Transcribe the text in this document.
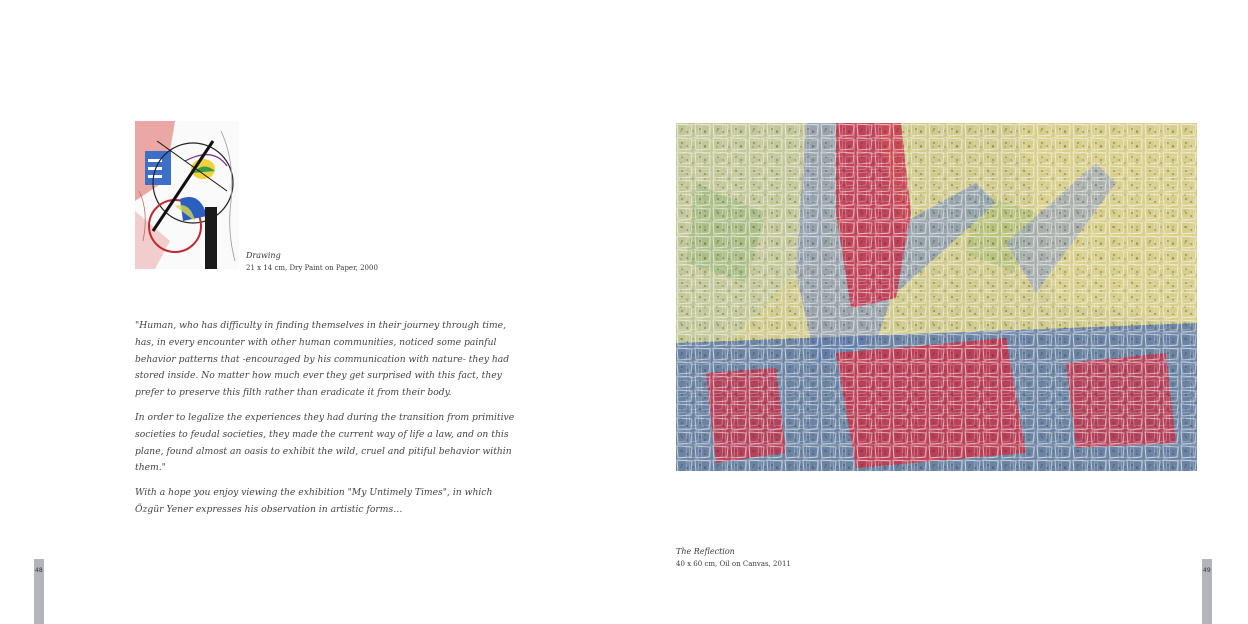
Drawing
21 x 14 cm, Dry Paint on Paper, 2000

"Human, who has difficulty in finding themselves in their journey through time, has, in every encounter with other human communities, noticed some painful behavior patterns that -encouraged by his communication with nature- they had stored inside. No matter how much ever they get surprised with this fact, they prefer to preserve this filth rather than eradicate it from their body.

In order to legalize the experiences they had during the transition from primitive societies to feudal societies, they made the current way of life a law, and on this plane, found almost an oasis to exhibit the wild, cruel and pitiful behavior within them."

With a hope you enjoy viewing the exhibition "My Untimely Times", in which Özgür Yener expresses his observation in artistic forms…

48	49
The Reflection
40 x 60 cm, Oil on Canvas, 2011
